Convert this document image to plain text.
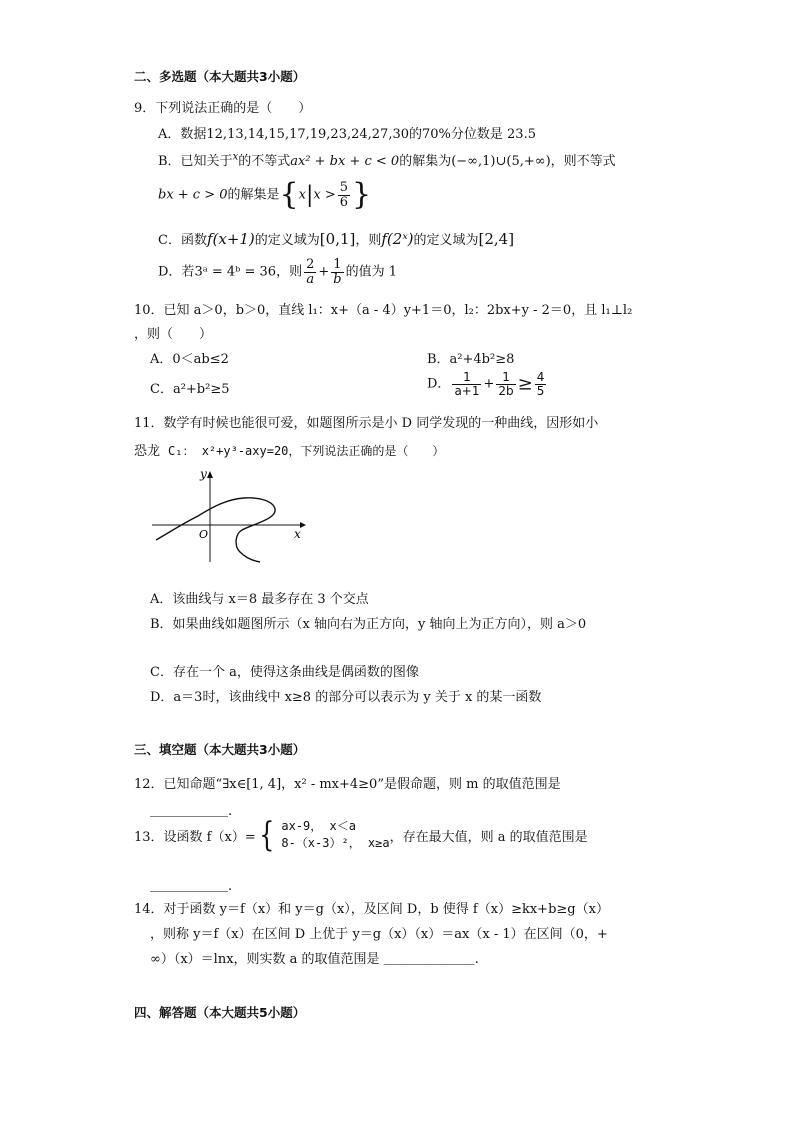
二、多选题（本大题共3小题）
9．下列说法正确的是（　　）
A．数据12,13,14,15,17,19,23,24,27,30的70%分位数是 23.5
B．已知关于$^x$的不等式ax² + bx + c < 0的解集为(−∞,1)∪(5,+∞)，则不等式
bx + c > 0的解集是{$x|x > \frac{5}{6}$ }
C．函数f(x+1)的定义域为[0,1]，则f(2ˣ)的定义域为[2,4]
D．若3ᵃ = 4ᵇ = 36，则 $\frac{2}{a} + \frac{1}{b}$ 的值为 1
10．已知 a＞0，b＞0，直线 l₁：x+（a - 4）y+1＝0，l₂：2bx+y - 2＝0，且 l₁⊥l₂
，则（　　）
A．0＜ab≤2	B．a²+4b²≥8
C．a²+b²≥5	D． $\frac{1}{a+1} + \frac{1}{2b} \ge \frac{4}{5}$
11．数学有时候也能很可爱，如题图所示是小 D 同学发现的一种曲线，因形如小
恐龙 C₁： x²+y³-axy=20，下列说法正确的是（　　）
y
O	x
A．该曲线与 x＝8 最多存在 3 个交点
B．如果曲线如题图所示（x 轴向右为正方向，y 轴向上为正方向），则 a＞0
C．存在一个 a，使得这条曲线是偶函数的图像
D．a＝3时，该曲线中 x≥8 的部分可以表示为 y 关于 x 的某一函数
三、填空题（本大题共3小题）
12．已知命题“∃x∈[1, 4]，x² - mx+4≥0”是假命题，则 m 的取值范围是
＿＿＿＿＿＿.
13．设函数 f（x）={ ax-9， x＜a
8-（x-3）²， x≥a ，存在最大值，则 a 的取值范围是
＿＿＿＿＿＿.
14．对于函数 y＝f（x）和 y＝g（x），及区间 D，b 使得 f（x）≥kx+b≥g（x）
，则称 y＝f（x）在区间 D 上优于 y＝g（x）（x）＝ax（x - 1）在区间（0，+
∞）（x）＝lnx，则实数 a 的取值范围是 ＿＿＿＿＿＿＿.
四、解答题（本大题共5小题）
